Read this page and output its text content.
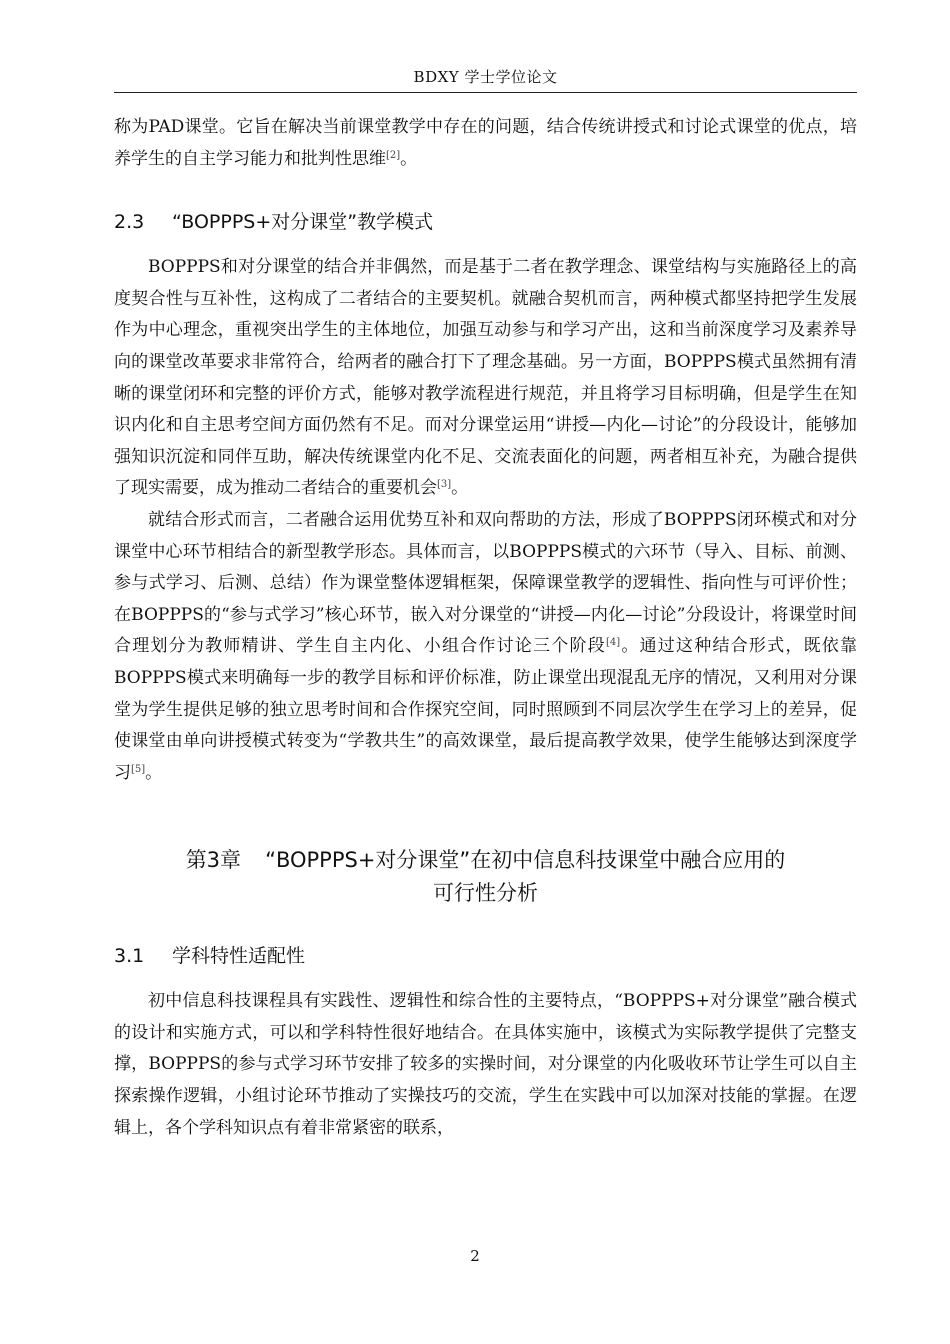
BDXY 学士学位论文

称为PAD课堂。它旨在解决当前课堂教学中存在的问题，结合传统讲授式和讨论式课堂的优点，培养学生的自主学习能力和批判性思维[2]。

2.3 “BOPPPS+对分课堂”教学模式

BOPPPS和对分课堂的结合并非偶然，而是基于二者在教学理念、课堂结构与实施路径上的高度契合性与互补性，这构成了二者结合的主要契机。就融合契机而言，两种模式都坚持把学生发展作为中心理念，重视突出学生的主体地位，加强互动参与和学习产出，这和当前深度学习及素养导向的课堂改革要求非常符合，给两者的融合打下了理念基础。另一方面，BOPPPS模式虽然拥有清晰的课堂闭环和完整的评价方式，能够对教学流程进行规范，并且将学习目标明确，但是学生在知识内化和自主思考空间方面仍然有不足。而对分课堂运用“讲授—内化—讨论”的分段设计，能够加强知识沉淀和同伴互助，解决传统课堂内化不足、交流表面化的问题，两者相互补充，为融合提供了现实需要，成为推动二者结合的重要机会[3]。

就结合形式而言，二者融合运用优势互补和双向帮助的方法，形成了BOPPPS闭环模式和对分课堂中心环节相结合的新型教学形态。具体而言，以BOPPPS模式的六环节（导入、目标、前测、参与式学习、后测、总结）作为课堂整体逻辑框架，保障课堂教学的逻辑性、指向性与可评价性；在BOPPPS的“参与式学习”核心环节，嵌入对分课堂的“讲授—内化—讨论”分段设计，将课堂时间合理划分为教师精讲、学生自主内化、小组合作讨论三个阶段[4]。通过这种结合形式，既依靠BOPPPS模式来明确每一步的教学目标和评价标准，防止课堂出现混乱无序的情况，又利用对分课堂为学生提供足够的独立思考时间和合作探究空间，同时照顾到不同层次学生在学习上的差异，促使课堂由单向讲授模式转变为“学教共生”的高效课堂，最后提高教学效果，使学生能够达到深度学习[5]。

第3章 “BOPPPS+对分课堂”在初中信息科技课堂中融合应用的
可行性分析
3.1 学科特性适配性

初中信息科技课程具有实践性、逻辑性和综合性的主要特点，“BOPPPS+对分课堂”融合模式的设计和实施方式，可以和学科特性很好地结合。在具体实施中，该模式为实际教学提供了完整支撑，BOPPPS的参与式学习环节安排了较多的实操时间，对分课堂的内化吸收环节让学生可以自主探索操作逻辑，小组讨论环节推动了实操技巧的交流，学生在实践中可以加深对技能的掌握。在逻辑上，各个学科知识点有着非常紧密的联系，

2
